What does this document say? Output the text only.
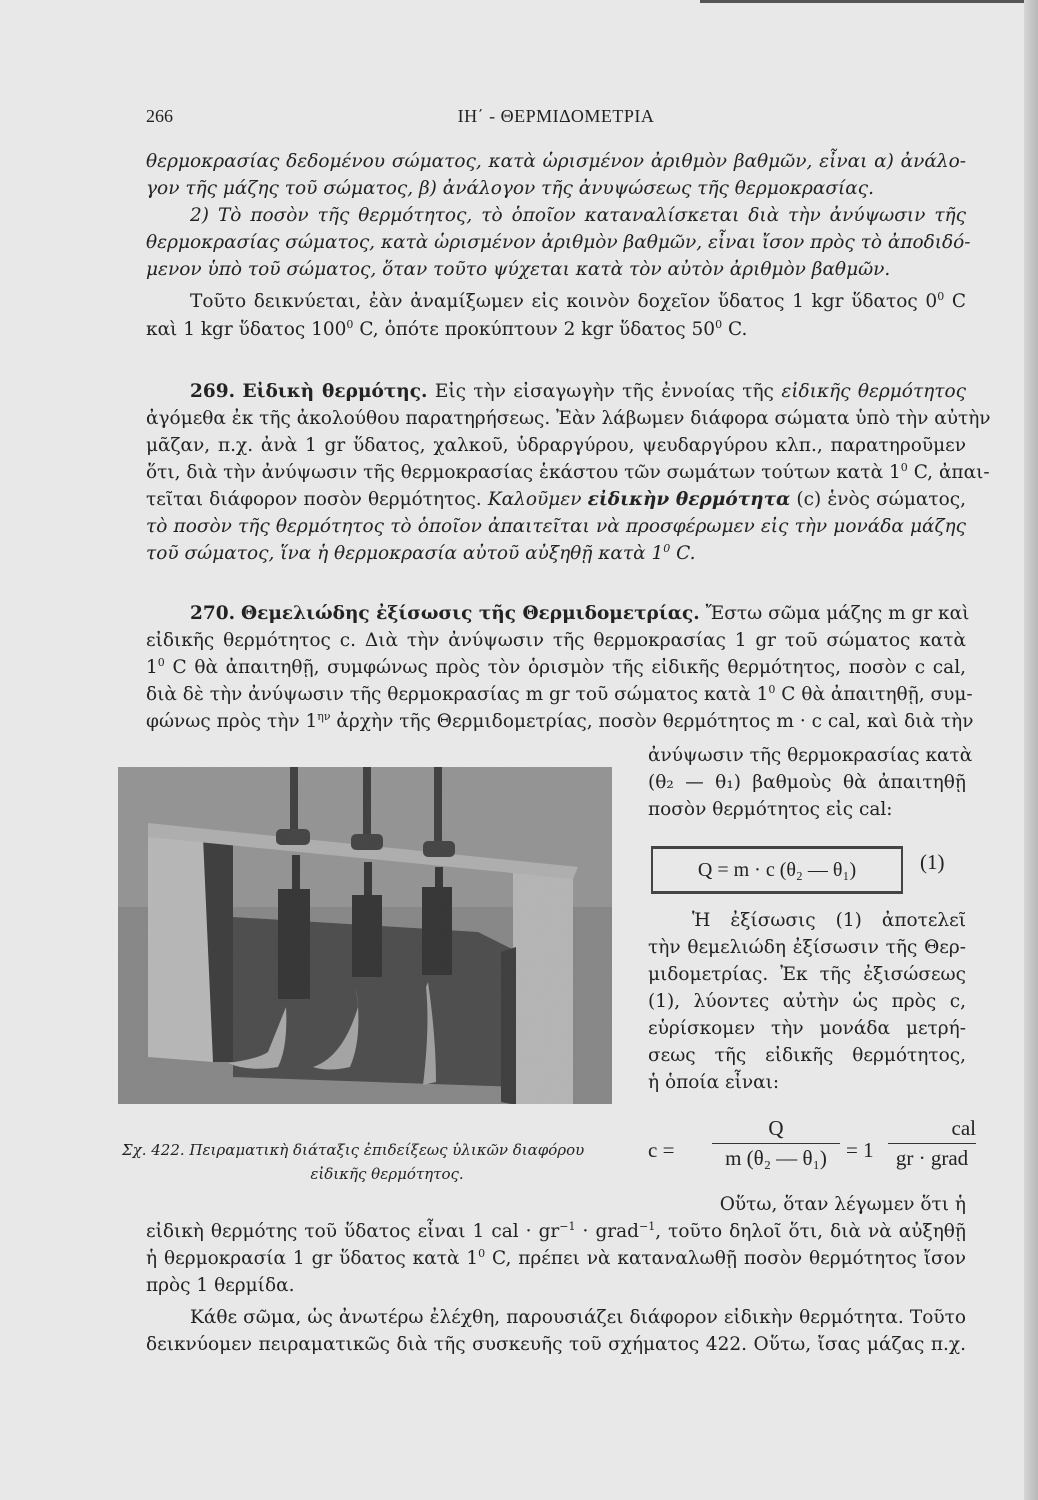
266	ΙΗ΄ - ΘΕΡΜΙΔΟΜΕΤΡΙΑ
θερμοκρασίας δεδομένου σώματος, κατὰ ὡρισμένον ἀριθμὸν βαθμῶν, εἶναι α) ἀνάλο-
γον τῆς μάζης τοῦ σώματος, β) ἀνάλογον τῆς ἀνυψώσεως τῆς θερμοκρασίας.
2) Τὸ ποσὸν τῆς θερμότητος, τὸ ὁποῖον καταναλίσκεται διὰ τὴν ἀνύψωσιν τῆς
θερμοκρασίας σώματος, κατὰ ὡρισμένον ἀριθμὸν βαθμῶν, εἶναι ἴσον πρὸς τὸ ἀποδιδό-
μενον ὑπὸ τοῦ σώματος, ὅταν τοῦτο ψύχεται κατὰ τὸν αὐτὸν ἀριθμὸν βαθμῶν.
Τοῦτο δεικνύεται, ἐὰν ἀναμίξωμεν εἰς κοινὸν δοχεῖον ὕδατος 1 kgr ὕδατος $0^0$ C
καὶ 1 kgr ὕδατος $100^0$ C, ὁπότε προκύπτουν 2 kgr ὕδατος $50^0$ C.
269. Εἰδικὴ θερμότης. Εἰς τὴν εἰσαγωγὴν τῆς ἐννοίας τῆς εἰδικῆς θερμότητος
ἀγόμεθα ἐκ τῆς ἀκολούθου παρατηρήσεως. Ἐὰν λάβωμεν διάφορα σώματα ὑπὸ τὴν αὐτὴν
μᾶζαν, π.χ. ἀνὰ 1 gr ὕδατος, χαλκοῦ, ὑδραργύρου, ψευδαργύρου κλπ., παρατηροῦμεν
ὅτι, διὰ τὴν ἀνύψωσιν τῆς θερμοκρασίας ἑκάστου τῶν σωμάτων τούτων κατὰ $1^0$ C, ἀπαι-
τεῖται διάφορον ποσὸν θερμότητος. Καλοῦμεν εἰδικὴν θερμότητα (c) ἑνὸς σώματος,
τὸ ποσὸν τῆς θερμότητος τὸ ὁποῖον ἀπαιτεῖται νὰ προσφέρωμεν εἰς τὴν μονάδα μάζης
τοῦ σώματος, ἵνα ἡ θερμοκρασία αὐτοῦ αὐξηθῇ κατὰ $1^0$ C.
270. Θεμελιώδης ἐξίσωσις τῆς Θερμιδομετρίας. Ἔστω σῶμα μάζης m gr καὶ
εἰδικῆς θερμότητος c. Διὰ τὴν ἀνύψωσιν τῆς θερμοκρασίας 1 gr τοῦ σώματος κατὰ
$1^0$ C θὰ ἀπαιτηθῇ, συμφώνως πρὸς τὸν ὁρισμὸν τῆς εἰδικῆς θερμότητος, ποσὸν c cal,
διὰ δὲ τὴν ἀνύψωσιν τῆς θερμοκρασίας m gr τοῦ σώματος κατὰ $1^0$ C θὰ ἀπαιτηθῇ, συμ-
φώνως πρὸς τὴν $1^{\eta\nu}$ ἀρχὴν τῆς Θερμιδομετρίας, ποσὸν θερμότητος m · c cal, καὶ διὰ τὴν
ἀνύψωσιν τῆς θερμοκρασίας κατὰ
(θ₂ — θ₁) βαθμοὺς θὰ ἀπαιτηθῇ
ποσὸν θερμότητος εἰς cal:
Q = m · c (θ₂ — θ₁)	(1)
Ἡ ἐξίσωσις (1) ἀποτελεῖ
τὴν θεμελιώδη ἐξίσωσιν τῆς Θερ-
μιδομετρίας. Ἐκ τῆς ἐξισώσεως
(1), λύοντες αὐτὴν ὡς πρὸς c,
εὑρίσκομεν τὴν μονάδα μετρή-
σεως τῆς εἰδικῆς θερμότητος,
ἡ ὁποία εἶναι:
Σχ. 422. Πειραματικὴ διάταξις ἐπιδείξεως ὑλικῶν διαφόρου
εἰδικῆς θερμότητος.
$c = \frac{Q}{\text{m (θ₂ — θ₁)}} = 1$
cal
gr · grad
Οὕτω, ὅταν λέγωμεν ὅτι ἡ
εἰδικὴ θερμότης τοῦ ὕδατος εἶναι 1 cal · $gr^{-1}$ · grad$^{-1}$, τοῦτο δηλοῖ ὅτι, διὰ νὰ αὐξηθῇ
ἡ θερμοκρασία 1 gr ὕδατος κατὰ $1^0$ C, πρέπει νὰ καταναλωθῇ ποσὸν θερμότητος ἴσον
πρὸς 1 θερμίδα.
Κάθε σῶμα, ὡς ἀνωτέρω ἐλέχθη, παρουσιάζει διάφορον εἰδικὴν θερμότητα. Τοῦτο
δεικνύομεν πειραματικῶς διὰ τῆς συσκευῆς τοῦ σχήματος 422. Οὕτω, ἴσας μάζας π.χ.
